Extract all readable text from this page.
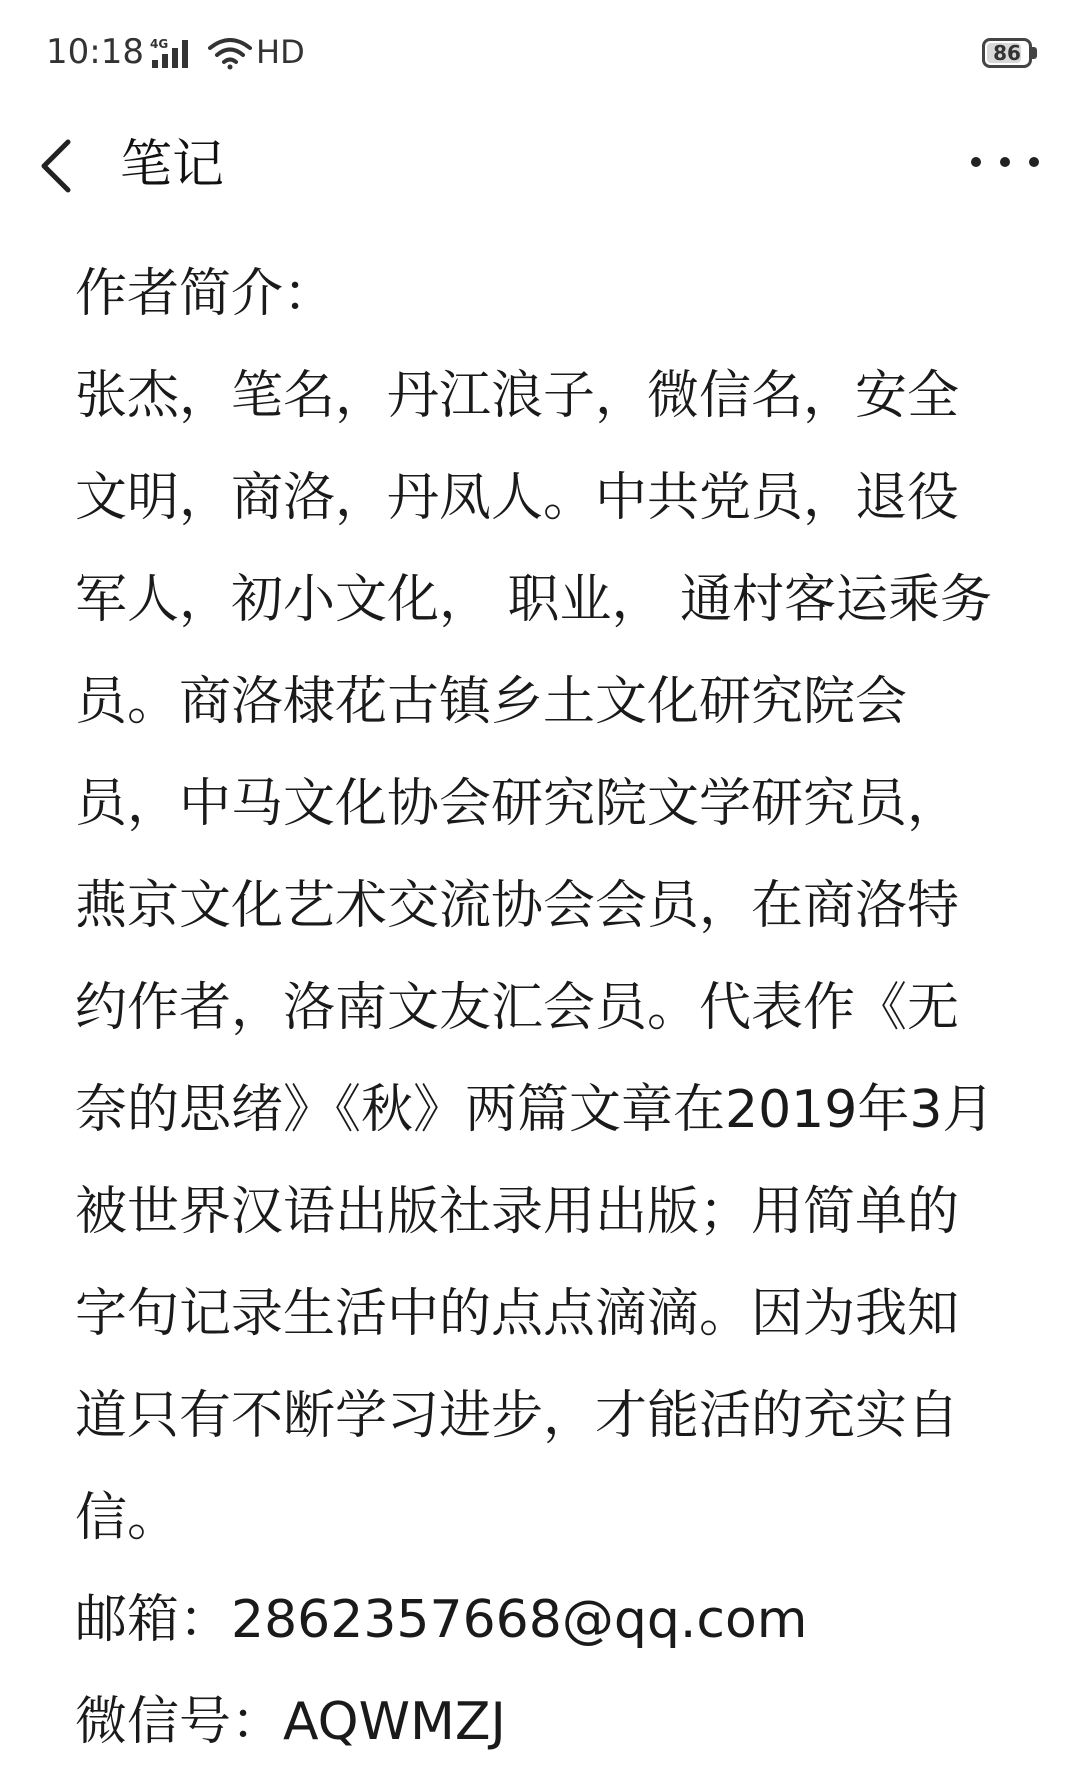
10:18 4G	HD	86
笔记

作者简介：

张杰，笔名，丹江浪子，微信名，安全文明，商洛，丹凤人。中共党员，退役军人，初小文化， 职业， 通村客运乘务员。商洛棣花古镇乡土文化研究院会员，中马文化协会研究院文学研究员，燕京文化艺术交流协会会员，在商洛特约作者，洛南文友汇会员。代表作《无奈的思绪》《秋》两篇文章在2019年3月被世界汉语出版社录用出版；用简单的字句记录生活中的点点滴滴。因为我知道只有不断学习进步，才能活的充实自信。

邮箱：2862357668@qq.com

微信号：AQWMZJ
